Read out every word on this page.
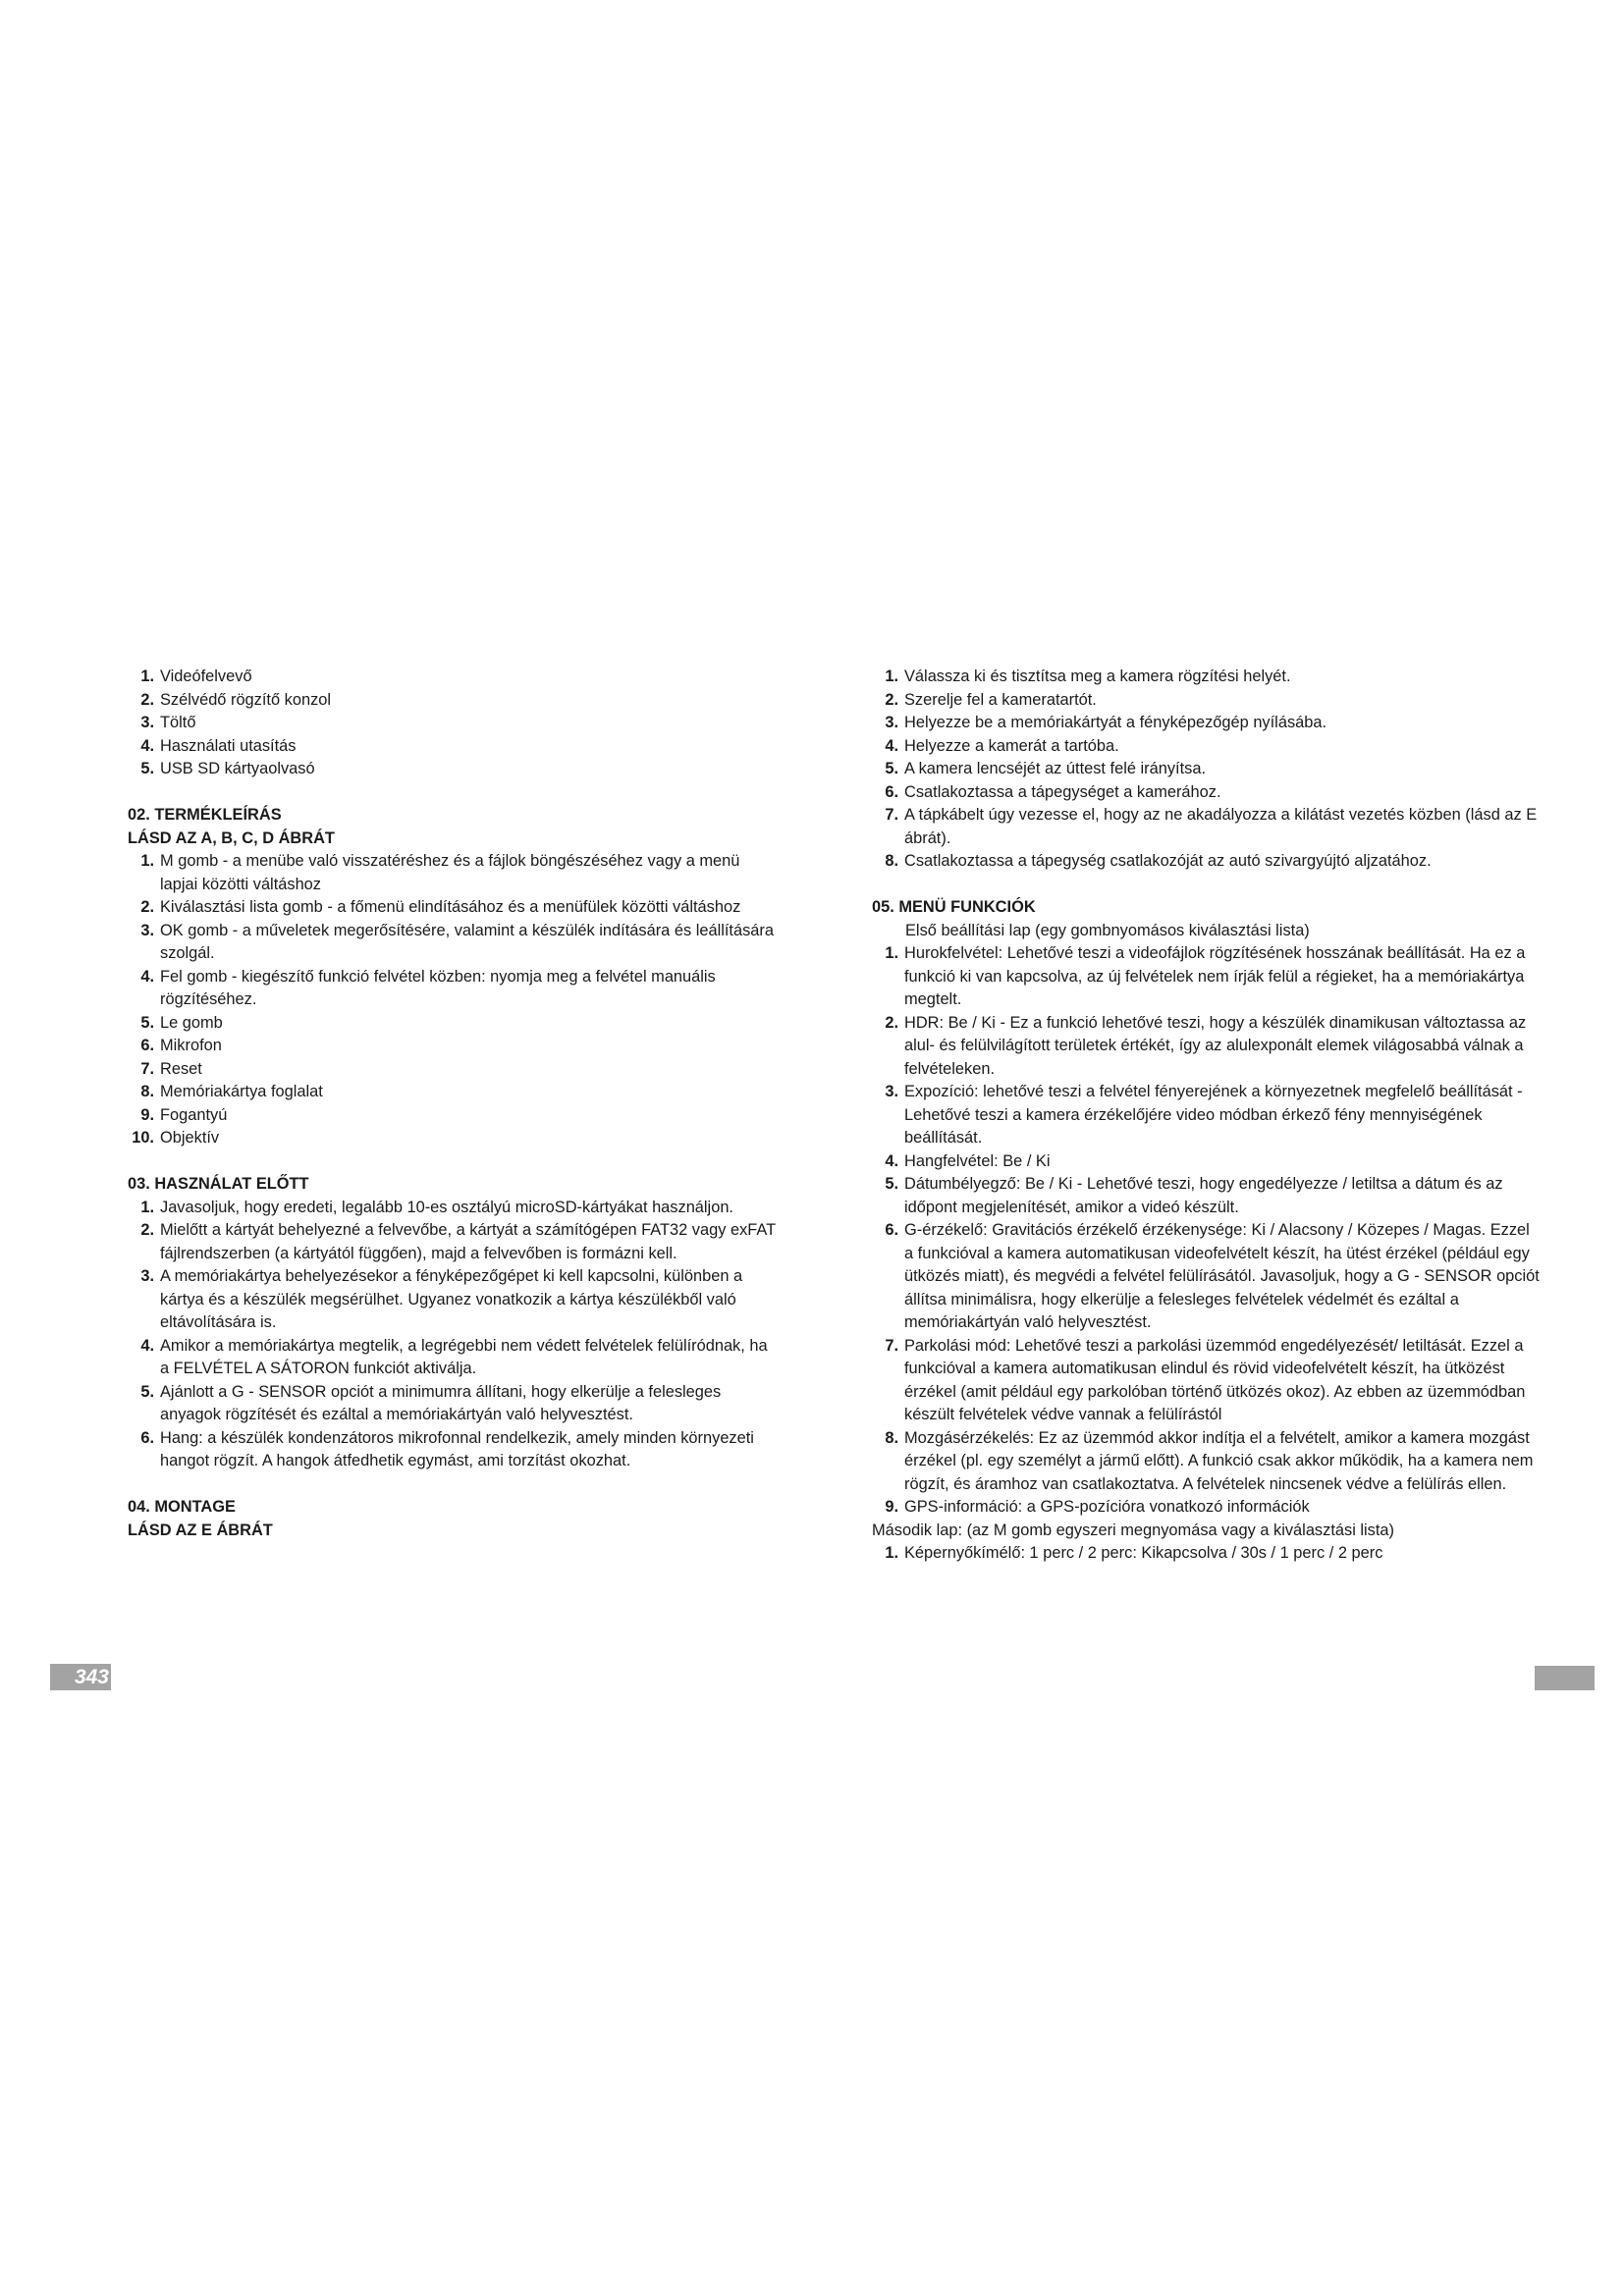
1. Videófelvevő
2. Szélvédő rögzítő konzol
3. Töltő
4. Használati utasítás
5. USB SD kártyaolvasó
02. TERMÉKLEÍRÁS
LÁSD AZ A, B, C, D ÁBRÁT
1. M gomb - a menübe való visszatéréshez és a fájlok böngészéséhez vagy a menü lapjai közötti váltáshoz
2. Kiválasztási lista gomb - a főmenü elindításához és a menüfülek közötti váltáshoz
3. OK gomb - a műveletek megerősítésére, valamint a készülék indítására és leállítására szolgál.
4. Fel gomb - kiegészítő funkció felvétel közben: nyomja meg a felvétel manuális rögzítéséhez.
5. Le gomb
6. Mikrofon
7. Reset
8. Memóriakártya foglalat
9. Fogantyú
10. Objektív
03. HASZNÁLAT ELŐTT
1. Javasoljuk, hogy eredeti, legalább 10-es osztályú microSD-kártyákat használjon.
2. Mielőtt a kártyát behelyezné a felvevőbe, a kártyát a számítógépen FAT32 vagy exFAT fájlrendszerben (a kártyától függően), majd a felvevőben is formázni kell.
3. A memóriakártya behelyezésekor a fényképezőgépet ki kell kapcsolni, különben a kártya és a készülék megsérülhet. Ugyanez vonatkozik a kártya készülékből való eltávolítására is.
4. Amikor a memóriakártya megtelik, a legrégebbi nem védett felvételek felülíródnak, ha a FELVÉTEL A SÁTORON funkciót aktiválja.
5. Ajánlott a G - SENSOR opciót a minimumra állítani, hogy elkerülje a felesleges anyagok rögzítését és ezáltal a memóriakártyán való helyvesztést.
6. Hang: a készülék kondenzátoros mikrofonnal rendelkezik, amely minden környezeti hangot rögzít. A hangok átfedhetik egymást, ami torzítást okozhat.
04. MONTAGE
LÁSD AZ E ÁBRÁT
1. Válassza ki és tisztítsa meg a kamera rögzítési helyét.
2. Szerelje fel a kameratartót.
3. Helyezze be a memóriakártyát a fényképezőgép nyílásába.
4. Helyezze a kamerát a tartóba.
5. A kamera lencséjét az úttest felé irányítsa.
6. Csatlakoztassa a tápegységet a kamerához.
7. A tápkábelt úgy vezesse el, hogy az ne akadályozza a kilátást vezetés közben (lásd az E ábrát).
8. Csatlakoztassa a tápegység csatlakozóját az autó szivargyújtó aljzatához.
05. MENÜ FUNKCIÓK
Első beállítási lap (egy gombnyomásos kiválasztási lista)
1. Hurokfelvétel: Lehetővé teszi a videofájlok rögzítésének hosszának beállítását. Ha ez a funkció ki van kapcsolva, az új felvételek nem írják felül a régieket, ha a memóriakártya megtelt.
2. HDR: Be / Ki - Ez a funkció lehetővé teszi, hogy a készülék dinamikusan változtassa az alul- és felülvilágított területek értékét, így az alulexponált elemek világosabbá válnak a felvételeken.
3. Expozíció: lehetővé teszi a felvétel fényerejének a környezetnek megfelelő beállítását - Lehetővé teszi a kamera érzékelőjére video módban érkező fény mennyiségének beállítását.
4. Hangfelvétel: Be / Ki
5. Dátumbélyegző: Be / Ki - Lehetővé teszi, hogy engedélyezze / letiltsa a dátum és az időpont megjelenítését, amikor a videó készült.
6. G-érzékelő: Gravitációs érzékelő érzékenysége: Ki / Alacsony / Közepes / Magas. Ezzel a funkcióval a kamera automatikusan videofelvételt készít, ha ütést érzékel (például egy ütközés miatt), és megvédi a felvétel felülírásától. Javasoljuk, hogy a G - SENSOR opciót állítsa minimálisra, hogy elkerülje a felesleges felvételek védelmét és ezáltal a memóriakártyán való helyvesztést.
7. Parkolási mód: Lehetővé teszi a parkolási üzemmód engedélyezését/ letiltását. Ezzel a funkcióval a kamera automatikusan elindul és rövid videofelvételt készít, ha ütközést érzékel (amit például egy parkolóban történő ütközés okoz). Az ebben az üzemmódban készült felvételek védve vannak a felülírástól
8. Mozgásérzékelés: Ez az üzemmód akkor indítja el a felvételt, amikor a kamera mozgást érzékel (pl. egy személyt a jármű előtt). A funkció csak akkor működik, ha a kamera nem rögzít, és áramhoz van csatlakoztatva. A felvételek nincsenek védve a felülírás ellen.
9. GPS-információ: a GPS-pozícióra vonatkozó információk
Második lap: (az M gomb egyszeri megnyomása vagy a kiválasztási lista)
1. Képernyőkímélő: 1 perc / 2 perc: Kikapcsolva / 30s / 1 perc / 2 perc
343
